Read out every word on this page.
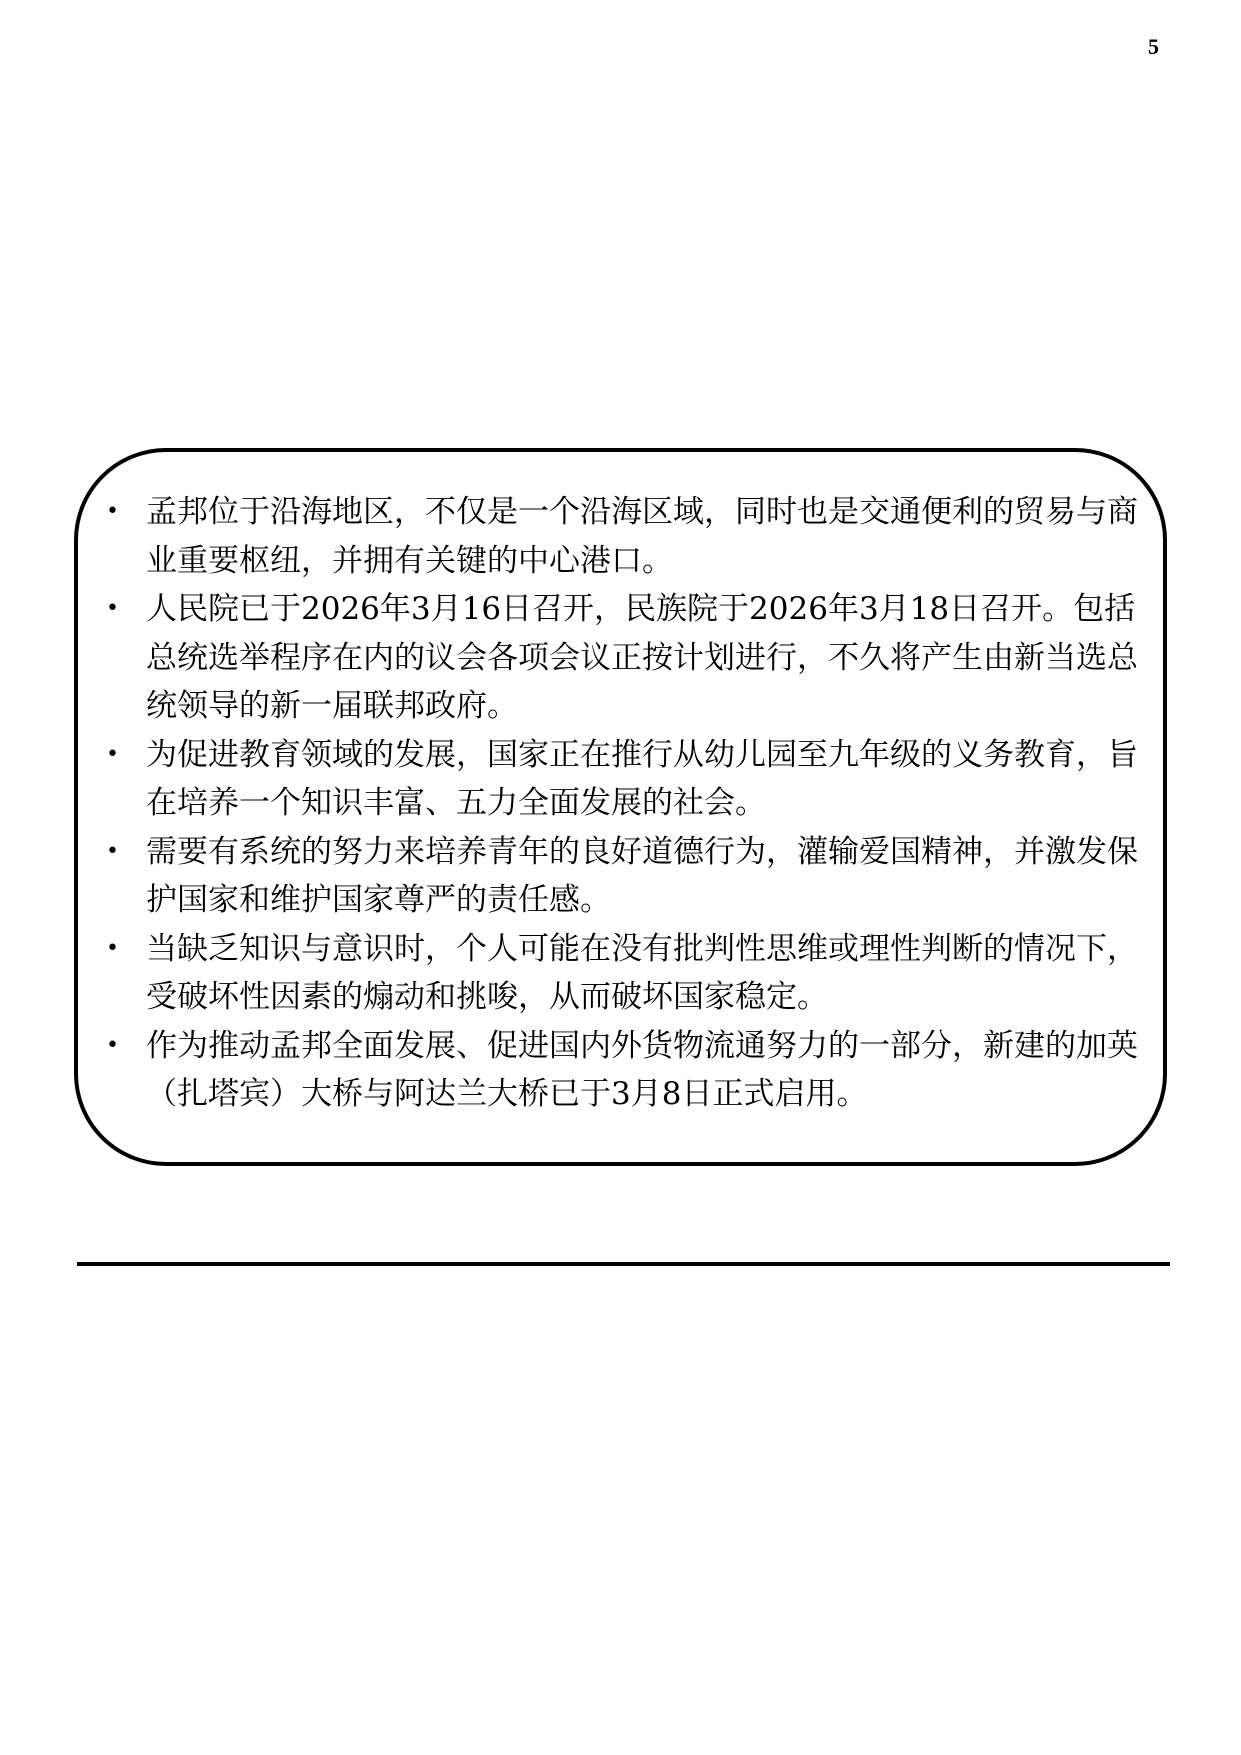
5
• 孟邦位于沿海地区，不仅是一个沿海区域，同时也是交通便利的贸易与商业重要枢纽，并拥有关键的中心港口。
• 人民院已于2026年3月16日召开，民族院于2026年3月18日召开。包括总统选举程序在内的议会各项会议正按计划进行，不久将产生由新当选总统领导的新一届联邦政府。
• 为促进教育领域的发展，国家正在推行从幼儿园至九年级的义务教育，旨在培养一个知识丰富、五力全面发展的社会。
• 需要有系统的努力来培养青年的良好道德行为，灌输爱国精神，并激发保护国家和维护国家尊严的责任感。
• 当缺乏知识与意识时，个人可能在没有批判性思维或理性判断的情况下，受破坏性因素的煽动和挑唆，从而破坏国家稳定。
• 作为推动孟邦全面发展、促进国内外货物流通努力的一部分，新建的加英（扎塔宾）大桥与阿达兰大桥已于3月8日正式启用。
